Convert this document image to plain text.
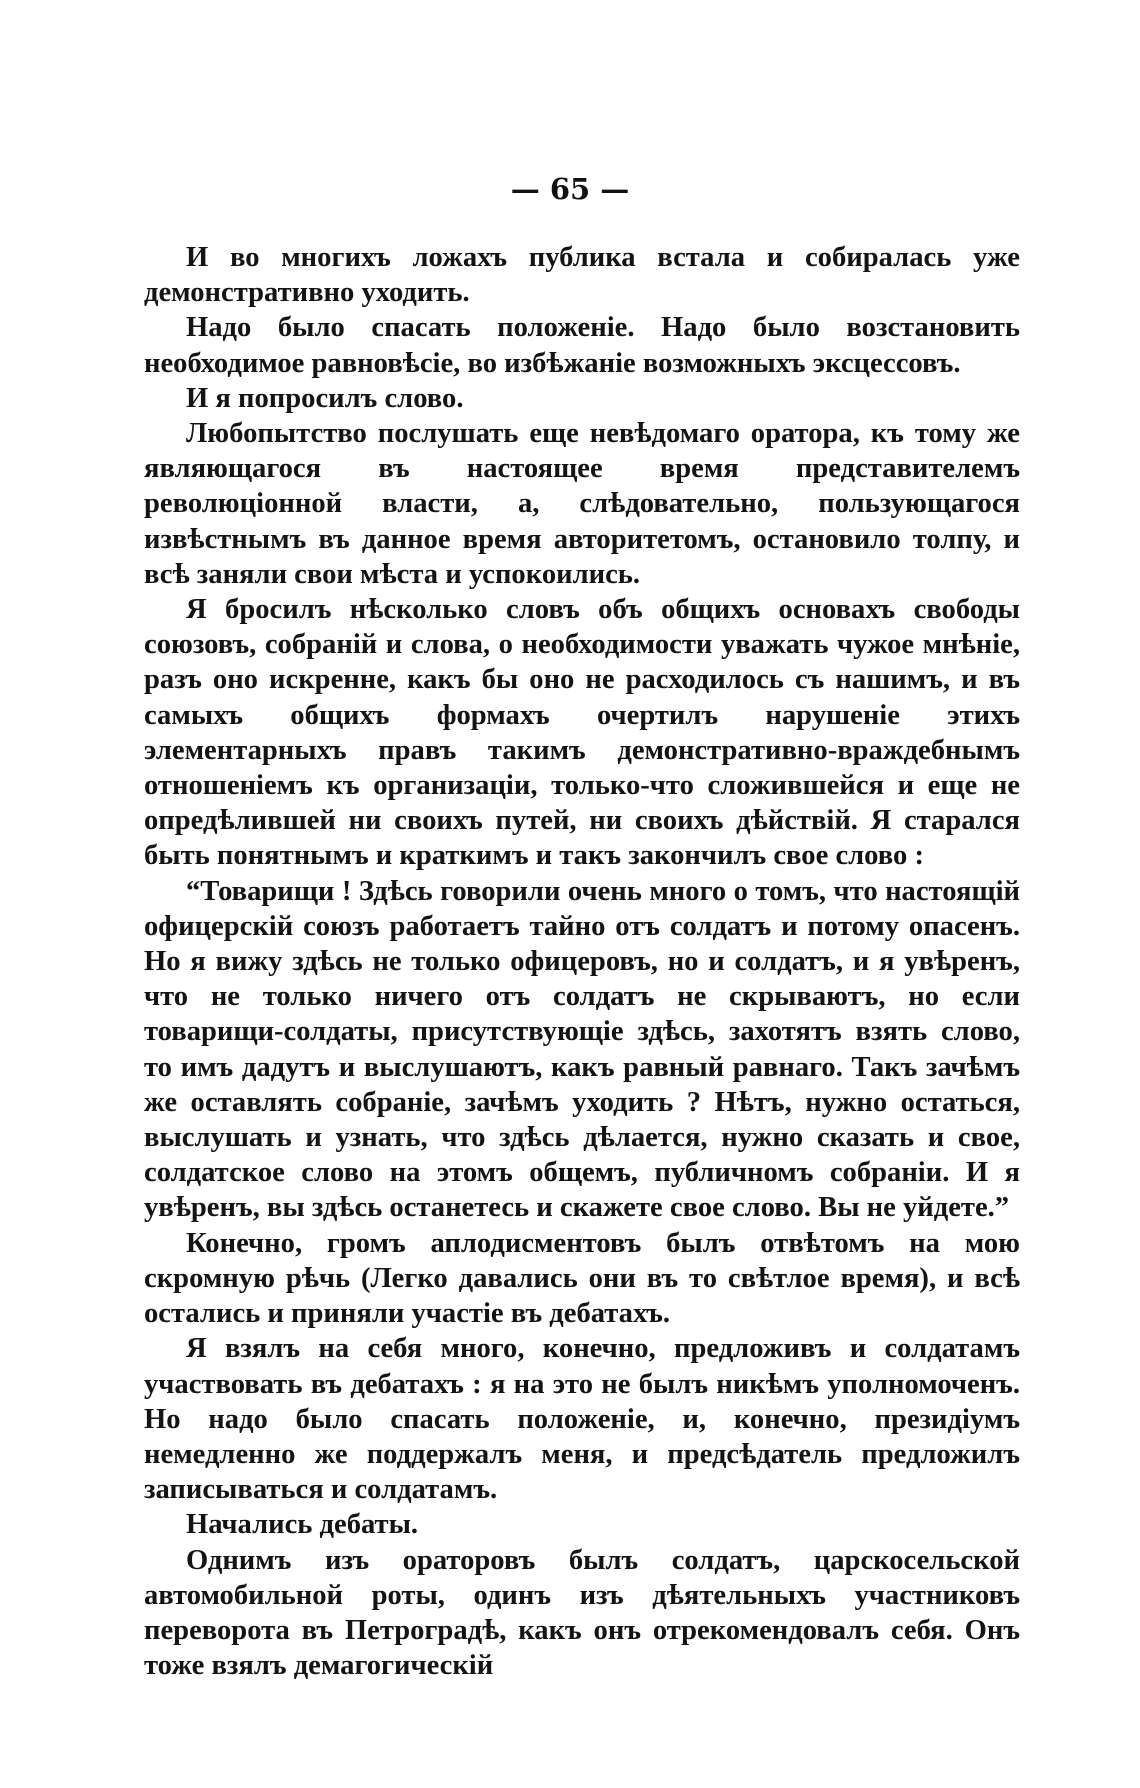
— 65 —

И во многихъ ложахъ публика встала и собиралась уже демонстративно уходить.

Надо было спасать положеніе. Надо было возстановить необходимое равновѣсіе, во избѣжаніе возможныхъ эксцессовъ.

И я попросилъ слово.

Любопытство послушать еще невѣдомаго оратора, къ тому же являющагося въ настоящее время представителемъ революціонной власти, а, слѣдовательно, пользующагося извѣстнымъ въ данное время авторитетомъ, остановило толпу, и всѣ заняли свои мѣста и успокоились.

Я бросилъ нѣсколько словъ объ общихъ основахъ свободы союзовъ, собраній и слова, о необходимости уважать чужое мнѣніе, разъ оно искренне, какъ бы оно не расходилось съ нашимъ, и въ самыхъ общихъ формахъ очертилъ нарушеніе этихъ элементарныхъ правъ такимъ демонстративно-враждебнымъ отношеніемъ къ организаціи, только-что сложившейся и еще не опредѣлившей ни своихъ путей, ни своихъ дѣйствій. Я старался быть понятнымъ и краткимъ и такъ закончилъ свое слово :

“Товарищи ! Здѣсь говорили очень много о томъ, что настоящій офицерскій союзъ работаетъ тайно отъ солдатъ и потому опасенъ. Но я вижу здѣсь не только офицеровъ, но и солдатъ, и я увѣренъ, что не только ничего отъ солдатъ не скрываютъ, но если товарищи-солдаты, присутствующіе здѣсь, захотятъ взять слово, то имъ дадутъ и выслушаютъ, какъ равный равнаго. Такъ зачѣмъ же оставлять собраніе, зачѣмъ уходить ? Нѣтъ, нужно остаться, выслушать и узнать, что здѣсь дѣлается, нужно сказать и свое, солдатское слово на этомъ общемъ, публичномъ собраніи. И я увѣренъ, вы здѣсь останетесь и скажете свое слово. Вы не уйдете.”

Конечно, громъ аплодисментовъ былъ отвѣтомъ на мою скромную рѣчь (Легко давались они въ то свѣтлое время), и всѣ остались и приняли участіе въ дебатахъ.

Я взялъ на себя много, конечно, предложивъ и солдатамъ участвовать въ дебатахъ : я на это не былъ никѣмъ уполномоченъ. Но надо было спасать положеніе, и, конечно, президіумъ немедленно же поддержалъ меня, и предсѣдатель предложилъ записываться и солдатамъ.

Начались дебаты.

Однимъ изъ ораторовъ былъ солдатъ, царскосельской автомобильной роты, одинъ изъ дѣятельныхъ участниковъ переворота въ Петроградѣ, какъ онъ отрекомендовалъ себя. Онъ тоже взялъ демагогическій
